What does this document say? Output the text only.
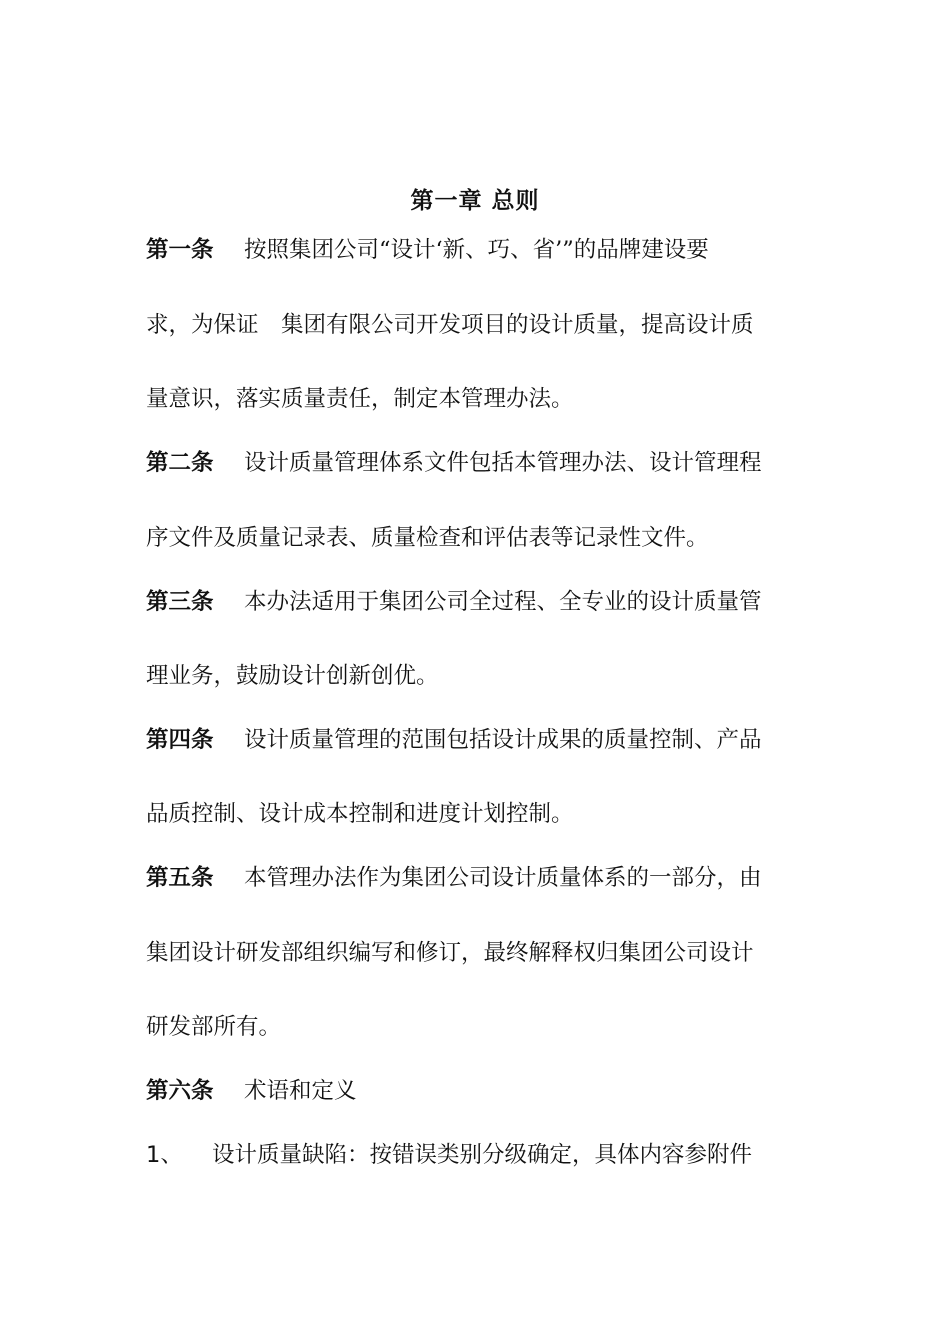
第一章 总则
第一条 按照集团公司“设计‘新、巧、省’”的品牌建设要
求，为保证　集团有限公司开发项目的设计质量，提高设计质
量意识，落实质量责任，制定本管理办法。
第二条 设计质量管理体系文件包括本管理办法、设计管理程
序文件及质量记录表、质量检查和评估表等记录性文件。
第三条 本办法适用于集团公司全过程、全专业的设计质量管
理业务，鼓励设计创新创优。
第四条 设计质量管理的范围包括设计成果的质量控制、产品
品质控制、设计成本控制和进度计划控制。
第五条 本管理办法作为集团公司设计质量体系的一部分，由
集团设计研发部组织编写和修订，最终解释权归集团公司设计
研发部所有。
第六条 术语和定义
1、 设计质量缺陷：按错误类别分级确定，具体内容参附件
